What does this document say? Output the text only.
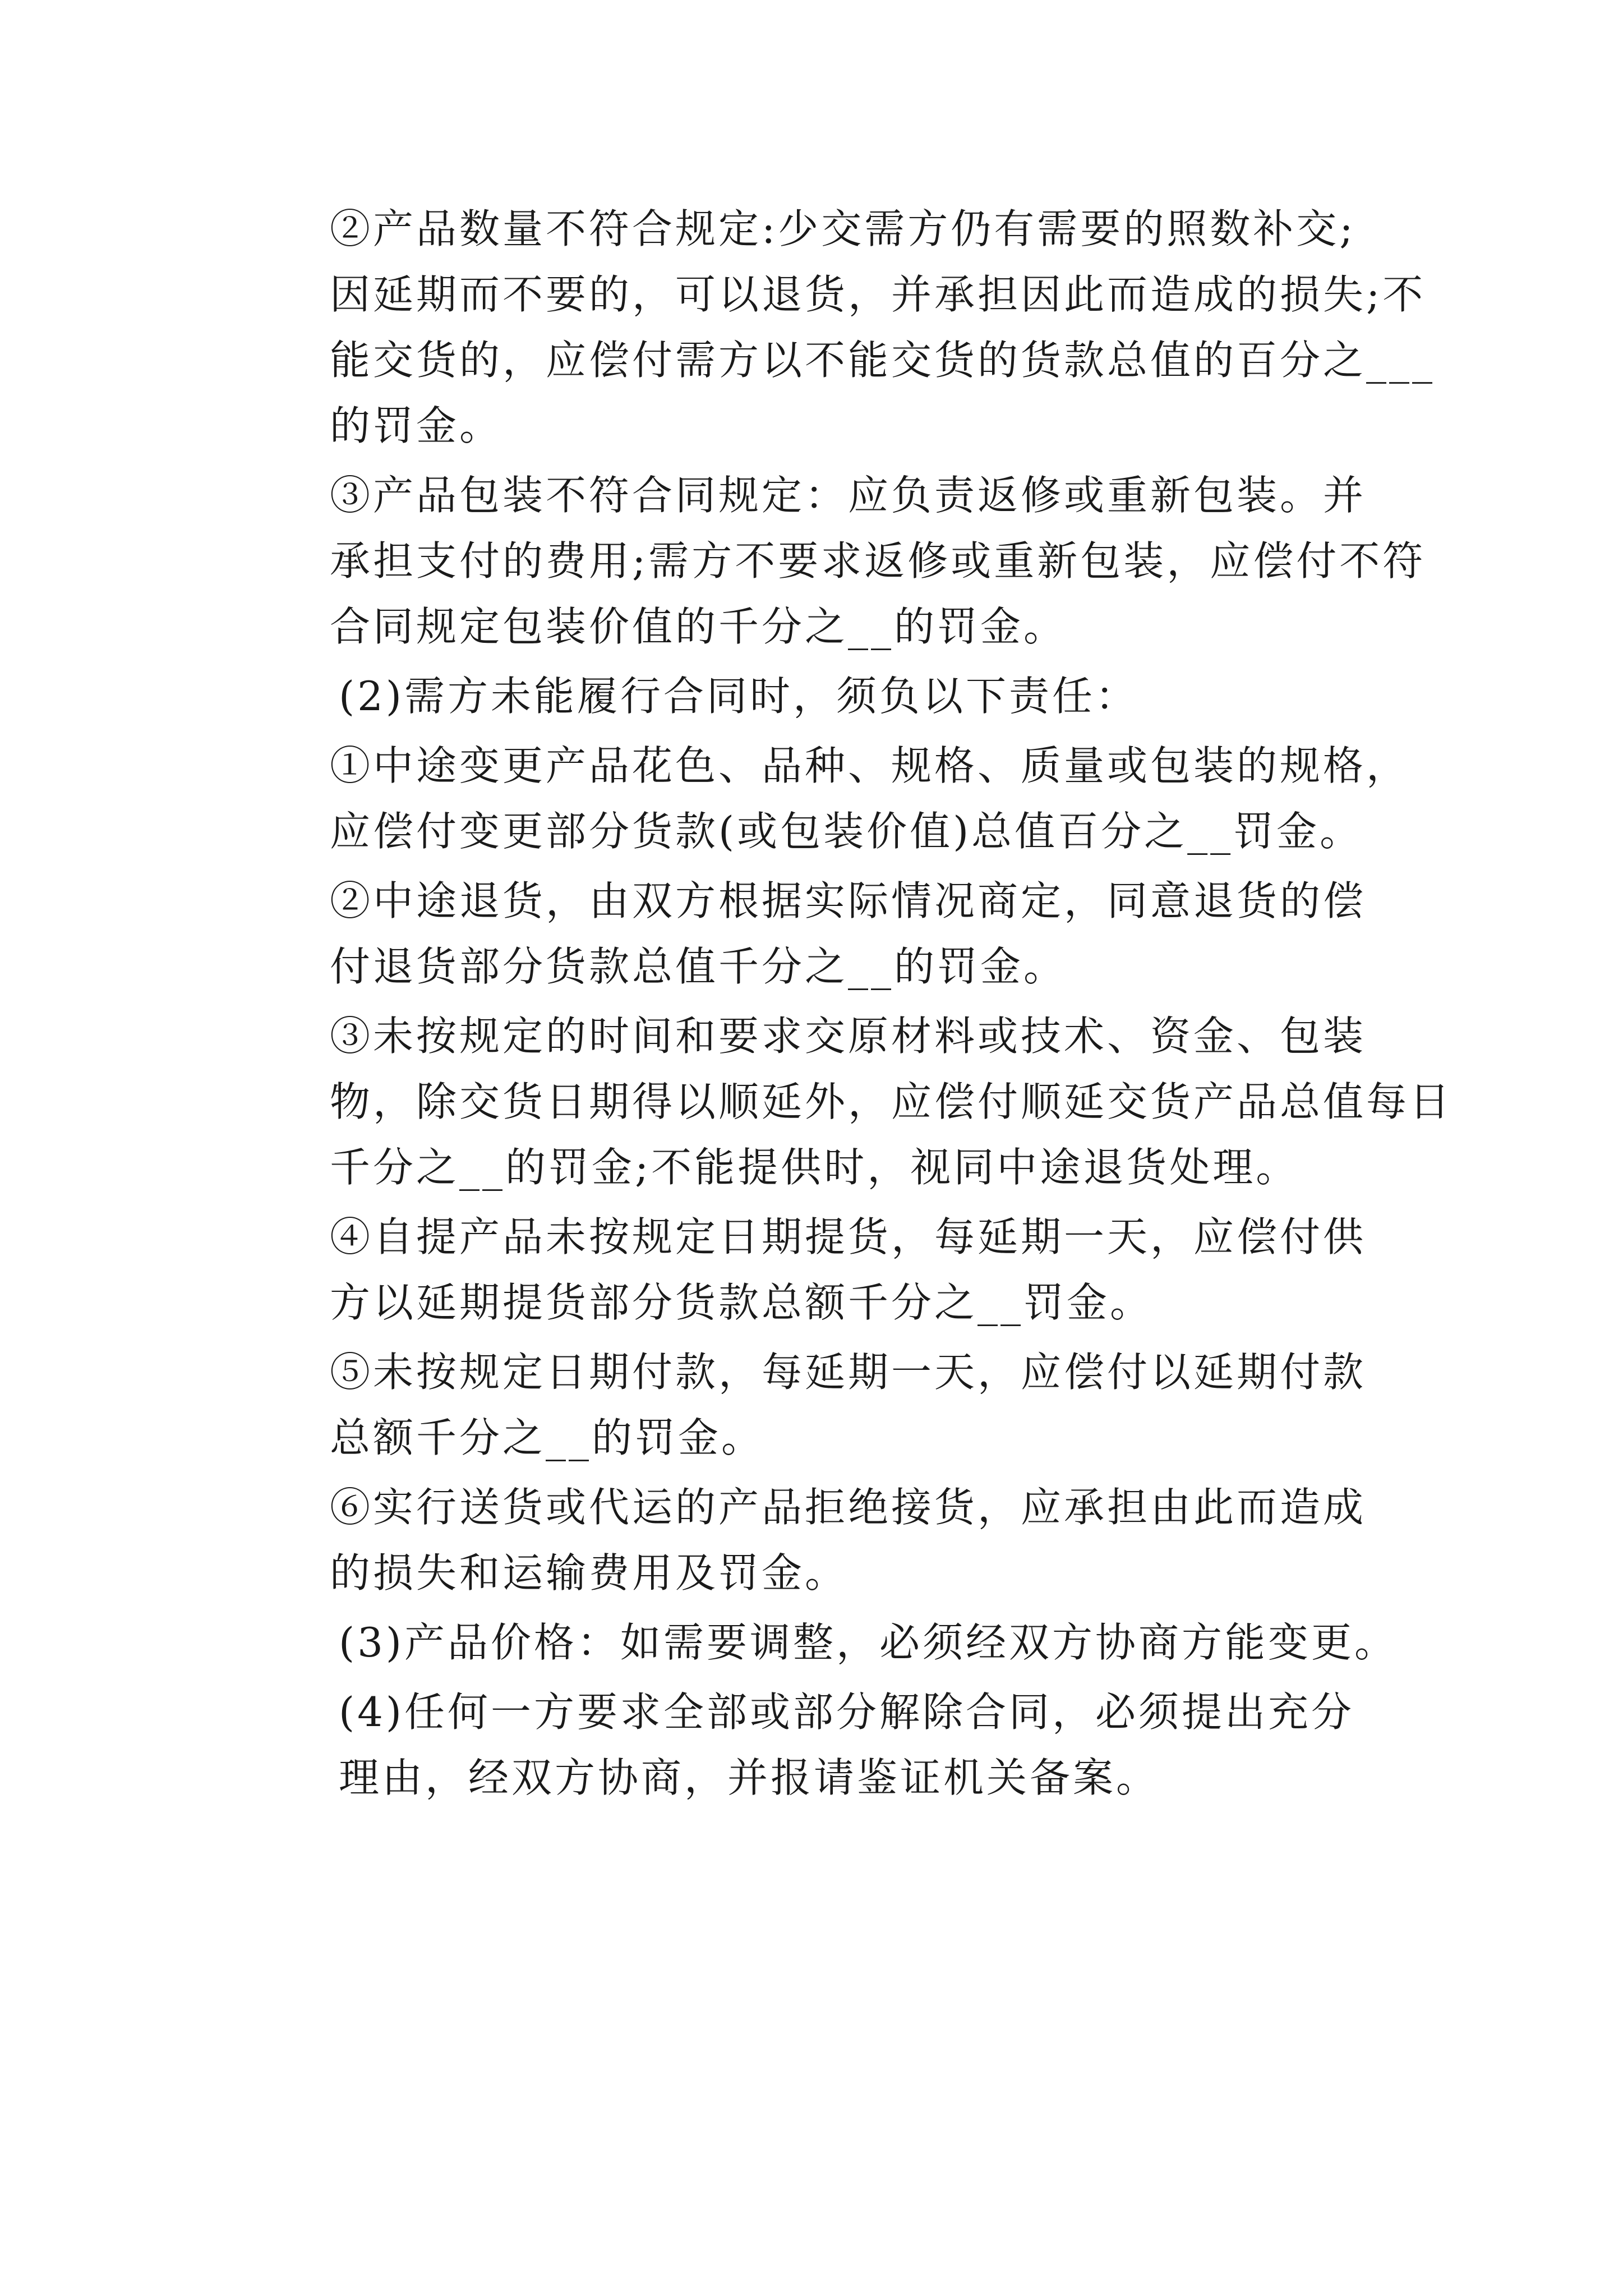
②产品数量不符合规定:少交需方仍有需要的照数补交;
因延期而不要的，可以退货，并承担因此而造成的损失;不
能交货的，应偿付需方以不能交货的货款总值的百分之___
的罚金。

③产品包装不符合同规定：应负责返修或重新包装。并
承担支付的费用;需方不要求返修或重新包装，应偿付不符
合同规定包装价值的千分之__的罚金。

(2)需方未能履行合同时，须负以下责任：

①中途变更产品花色、品种、规格、质量或包装的规格，
应偿付变更部分货款(或包装价值)总值百分之__罚金。

②中途退货，由双方根据实际情况商定，同意退货的偿
付退货部分货款总值千分之__的罚金。

③未按规定的时间和要求交原材料或技术、资金、包装
物，除交货日期得以顺延外，应偿付顺延交货产品总值每日
千分之__的罚金;不能提供时，视同中途退货处理。

④自提产品未按规定日期提货，每延期一天，应偿付供
方以延期提货部分货款总额千分之__罚金。

⑤未按规定日期付款，每延期一天，应偿付以延期付款
总额千分之__的罚金。

⑥实行送货或代运的产品拒绝接货，应承担由此而造成
的损失和运输费用及罚金。

(3)产品价格：如需要调整，必须经双方协商方能变更。

(4)任何一方要求全部或部分解除合同，必须提出充分
理由，经双方协商，并报请鉴证机关备案。
